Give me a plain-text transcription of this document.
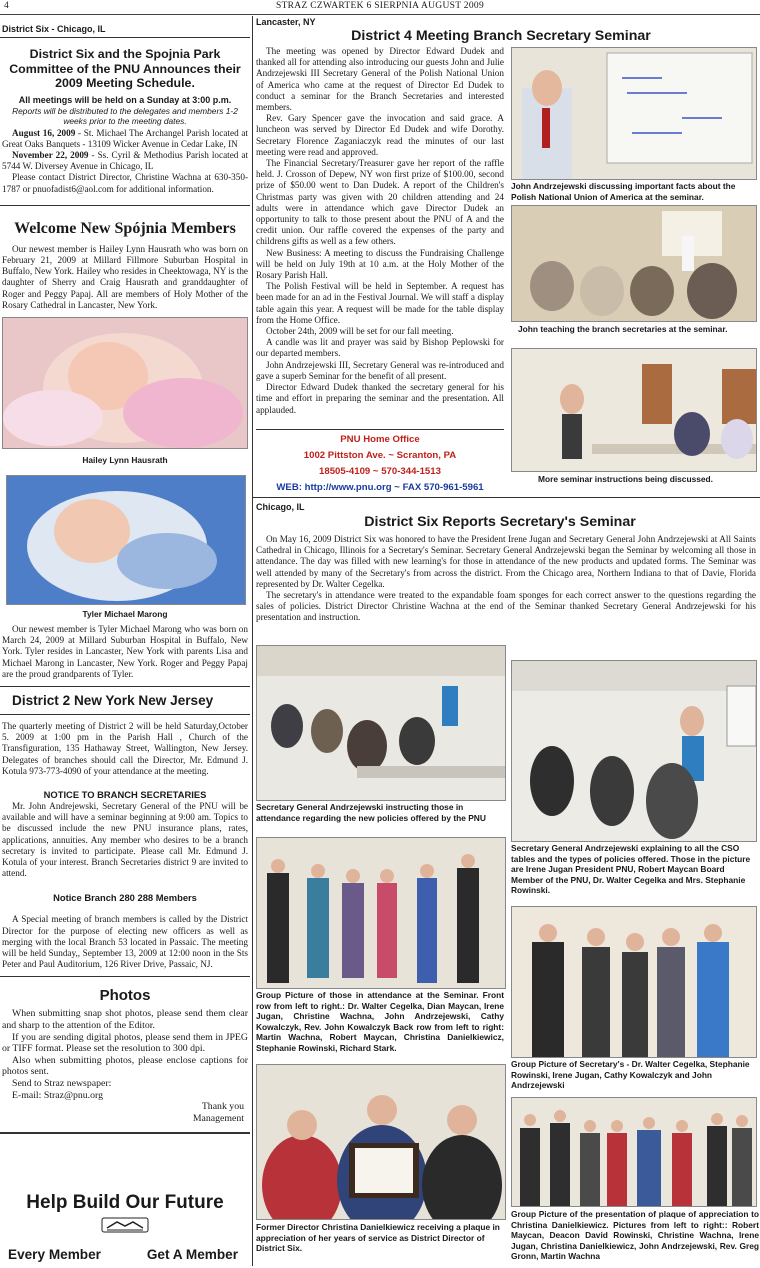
4	STRAZ CZWARTEK 6 SIERPNIA AUGUST 2009
District Six - Chicago, IL
District Six and the Spojnia Park Committee of the PNU Announces their 2009 Meeting Schedule.
All meetings will be held on a Sunday at 3:00 p.m.
Reports will be distributed to the delegates and members 1-2 weeks prior to the meeting dates.

August 16, 2009 - St. Michael The Archangel Parish located at Great Oaks Banquets - 13109 Wicker Avenue in Cedar Lake, IN

November 22, 2009 - Ss. Cyril & Methodius Parish located at 5744 W. Diversey Avenue in Chicago, IL

Please contact District Director, Christine Wachna at 630-350-1787 or pnuofadist6@aol.com for additional information.

Welcome New Spójnia Members

Our newest member is Hailey Lynn Hausrath who was born on February 21, 2009 at Millard Fillmore Suburban Hospital in Buffalo, New York. Hailey who resides in Cheektowaga, NY is the daughter of Sherry and Craig Hausrath and granddaughter of Roger and Peggy Papaj. All are members of Holy Mother of the Rosary Cathedral in Lancaster, New York.

Hailey Lynn Hausrath
Tyler Michael Marong

Our newest member is Tyler Michael Marong who was born on March 24, 2009 at Millard Suburban Hospital in Buffalo, New York. Tyler resides in Lancaster, New York with parents Lisa and Michael Marong in Lancaster, New York. Roger and Peggy Papaj are the proud grandparents of Tyler.

District 2 New York New Jersey

The quarterly meeting of District 2 will be held Saturday,October 5. 2009 at 1:00 pm in the Parish Hall , Church of the Transfiguration, 135 Hathaway Street, Wallington, New Jersey. Delegates of branches should call the Director, Mr. Edmund J. Kotula 973-773-4090 of your attendance at the meeting.

NOTICE TO BRANCH SECRETARIES

Mr. John Andrejewski, Secretary General of the PNU will be available and will have a seminar beginning at 9:00 am. Topics to be discussed include the new PNU insurance plans, rates, applications, annuities. Any member who desires to be a branch secretary is invited to participate. Please call Mr. Edmund J. Kotula of your interest. Branch Secretaries district 9 are invited to attend.

Notice Branch 280 288 Members

A Special meeting of branch members is called by the District Director for the purpose of electing new officers as well as merging with the local Branch 53 located in Passaic. The meeting will be held Sunday,, September 13, 2009 at 12:00 noon in the Sts Peter and Paul Auditorium, 126 River Drive, Passaic, NJ.

Photos

When submitting snap shot photos, please send them clear and sharp to the attention of the Editor.

If you are sending digital photos, please send them in JPEG or TIFF format. Please set the resolution to 300 dpi.

Also when submitting photos, please enclose captions for photos sent.

Send to Straz newspaper:

E-mail: Straz@pnu.org

Thank you
Management
Help Build Our Future
Every Member	Get A Member
Lancaster, NY
District 4 Meeting Branch Secretary Seminar

The meeting was opened by Director Edward Dudek and thanked all for attending also introducing our guests John and Julie Andrzejewski III Secretary General of the Polish National Union of America who came at the request of Director Ed Dudek to conduct a seminar for the Branch Secretaries and interested members.

Rev. Gary Spencer gave the invocation and said grace. A luncheon was served by Director Ed Dudek and wife Dorothy. Secretary Florence Zaganiaczyk read the minutes of our last meeting were read and approved.

The Financial Secretary/Treasurer gave her report of the raffle held. J. Crosson of Depew, NY won first prize of $100.00, second prize of $50.00 went to Dan Dudek. A report of the Children's Christmas party was given with 20 children attending and 24 adults were in attendance which gave Director Dudek an opportunity to talk to those present about the PNU of A and the credit union. Our raffle covered the expenses of the party and childrens gifts as well as a few others.

New Business: A meeting to discuss the Fundraising Challenge will be held on July 19th at 10 a.m. at the Holy Mother of the Rosary Parish Hall.

The Polish Festival will be held in September. A request has been made for an ad in the Festival Journal. We will staff a display table again this year. A request will be made for the table display from the Home Office.

October 24th, 2009 will be set for our fall meeting.

A candle was lit and prayer was said by Bishop Peplowski for our departed members.

John Andrzejewski III, Secretary General was re-introduced and gave a superb Seminar for the benefit of all present.

Director Edward Dudek thanked the secretary general for his time and effort in preparing the seminar and the presentation. All applauded.

PNU Home Office
1002 Pittston Ave. ~ Scranton, PA
18505-4109 ~ 570-344-1513
WEB: http://www.pnu.org ~ FAX 570-961-5961
John Andrzejewski discussing important facts about the Polish National Union of America at the seminar.
John teaching the branch secretaries at the seminar.
More seminar instructions being discussed.
Chicago, IL
District Six Reports Secretary's Seminar

On May 16, 2009 District Six was honored to have the President Irene Jugan and Secretary General John Andrzejewski at All Saints Cathedral in Chicago, Illinois for a Secretary's Seminar. Secretary General Andrzejewski began the Seminar by welcoming all those in attendance. The day was filled with new learning's for those in attendance of the new products and updated forms. The Seminar was well attended by many of the Secretary's from across the district. From the Chicago area, Northern Indiana to that of Davie, Florida represented by Dr. Walter Cegelka.

The secretary's in attendance were treated to the expandable foam sponges for each correct answer to the questions regarding the sales of policies. District Director Christine Wachna at the end of the Seminar thanked Secretary General Andrzejewski for his presentation and instruction.

Secretary General Andrzejewski instructing those in attendance regarding the new policies offered by the PNU
Secretary General Andrzejewski explaining to all the CSO tables and the types of policies offered. Those in the picture are Irene Jugan President PNU, Robert Maycan Board Member of the PNU, Dr. Walter Cegelka and Mrs. Stephanie Rowinski.
Group Picture of those in attendance at the Seminar. Front row from left to right.: Dr. Walter Cegelka, Dian Maycan, Irene Jugan, Christine Wachna, John Andrzejewski, Cathy Kowalczyk, Rev. John Kowalczyk Back row from left to right: Martin Wachna, Robert Maycan, Christina Danielkiewicz, Stephanie Rowinski, Richard Stark.
Group Picture of Secretary's - Dr. Walter Cegelka, Stephanie Rowinski, Irene Jugan, Cathy Kowalczyk and John Andrzejewski
Former Director Christina Danielkiewicz receiving a plaque in appreciation of her years of service as District Director of District Six.
Group Picture of the presentation of plaque of appreciation to Christina Danielkiewicz. Pictures from left to right:: Robert Maycan, Deacon David Rowinski, Christine Wachna, Irene Jugan, Christina Danielkiewicz, John Andrzejewski, Rev. Greg Gronn, Martin Wachna
